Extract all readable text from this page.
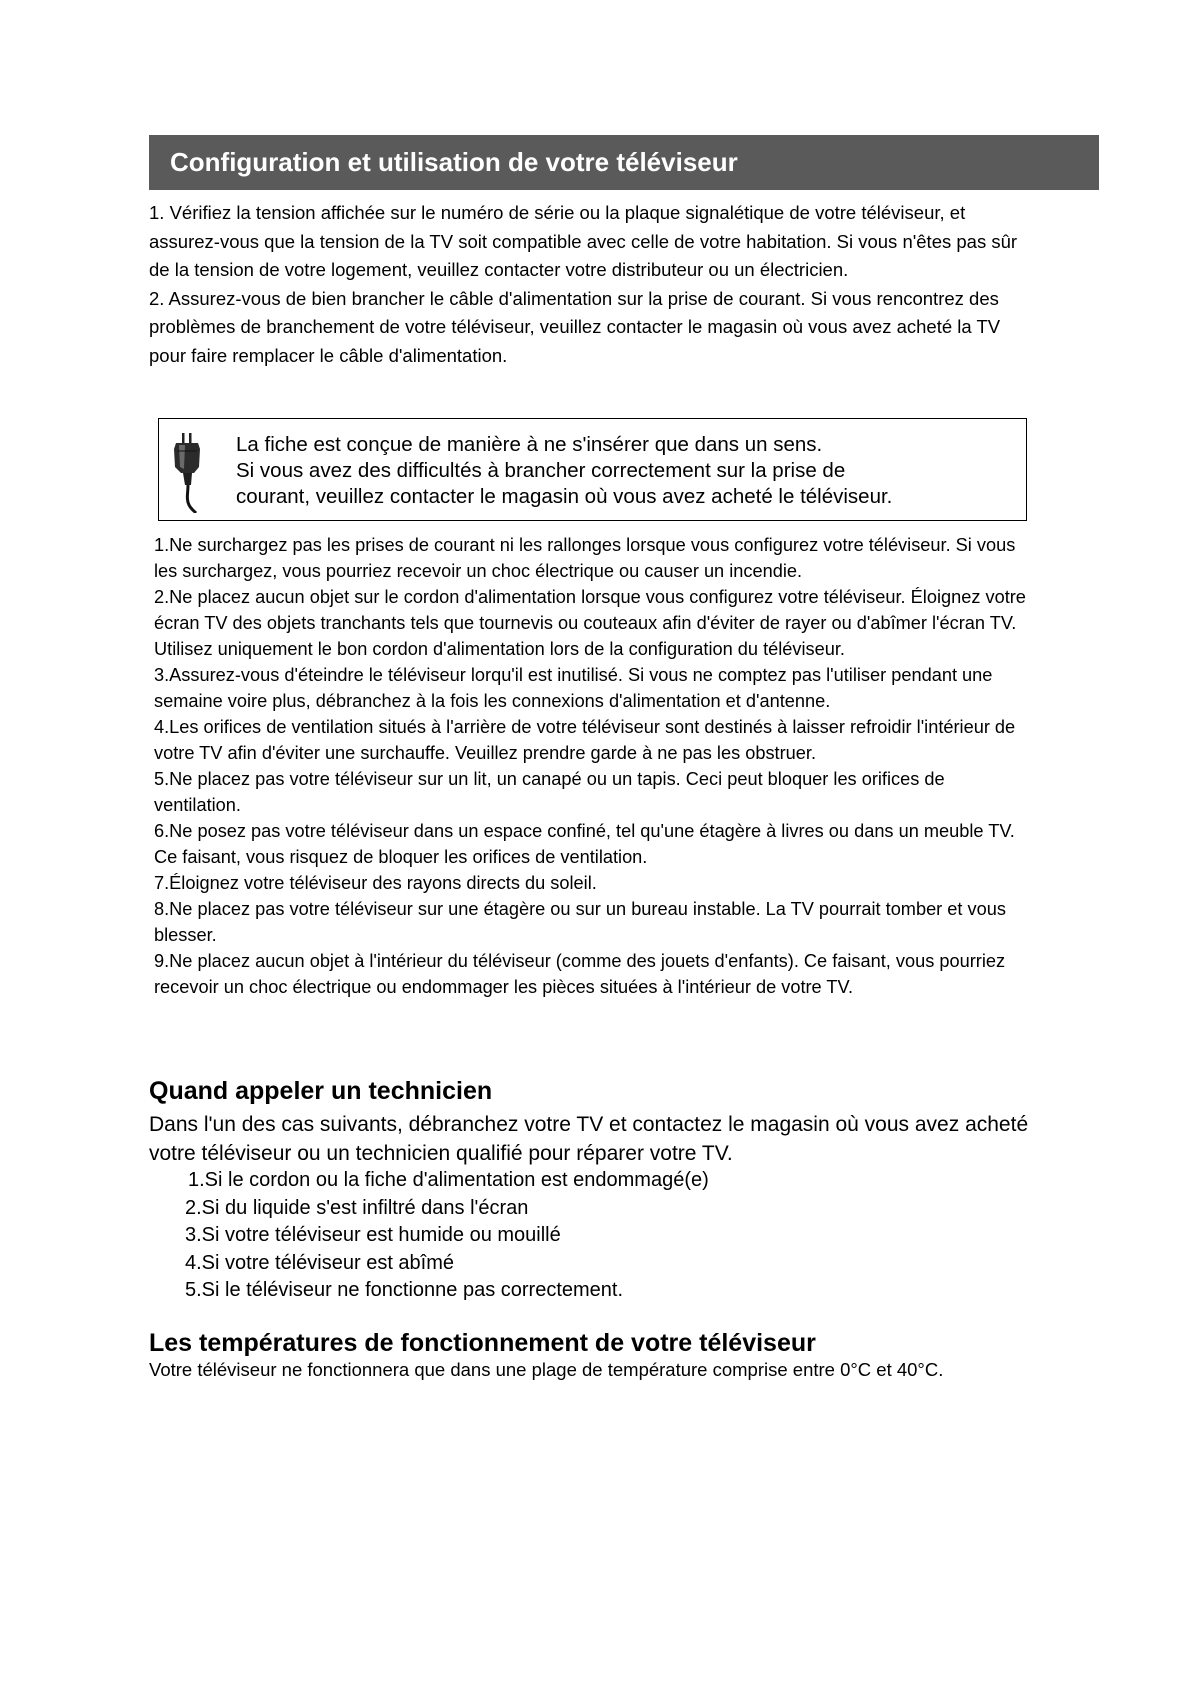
Configuration et utilisation de votre téléviseur

1. Vérifiez la tension affichée sur le numéro de série ou la plaque signalétique de votre téléviseur, et assurez-vous que la tension de la TV soit compatible avec celle de votre habitation. Si vous n'êtes pas sûr de la tension de votre logement, veuillez contacter votre distributeur ou un électricien.

2. Assurez-vous de bien brancher le câble d'alimentation sur la prise de courant. Si vous rencontrez des problèmes de branchement de votre téléviseur, veuillez contacter le magasin où vous avez acheté la TV pour faire remplacer le câble d'alimentation.

La fiche est conçue de manière à ne s'insérer que dans un sens.
Si vous avez des difficultés à brancher correctement sur la prise de
courant, veuillez contacter le magasin où vous avez acheté le téléviseur.

1.Ne surchargez pas les prises de courant ni les rallonges lorsque vous configurez votre téléviseur. Si vous les surchargez, vous pourriez recevoir un choc électrique ou causer un incendie.

2.Ne placez aucun objet sur le cordon d'alimentation lorsque vous configurez votre téléviseur. Éloignez votre écran TV des objets tranchants tels que tournevis ou couteaux afin d'éviter de rayer ou d'abîmer l'écran TV. Utilisez uniquement le bon cordon d'alimentation lors de la configuration du téléviseur.

3.Assurez-vous d'éteindre le téléviseur lorqu'il est inutilisé. Si vous ne comptez pas l'utiliser pendant une semaine voire plus, débranchez à la fois les connexions d'alimentation et d'antenne.

4.Les orifices de ventilation situés à l'arrière de votre téléviseur sont destinés à laisser refroidir l'intérieur de votre TV afin d'éviter une surchauffe. Veuillez prendre garde à ne pas les obstruer.

5.Ne placez pas votre téléviseur sur un lit, un canapé ou un tapis. Ceci peut bloquer les orifices de ventilation.

6.Ne posez pas votre téléviseur dans un espace confiné, tel qu'une étagère à livres ou dans un meuble TV. Ce faisant, vous risquez de bloquer les orifices de ventilation.

7.Éloignez votre téléviseur des rayons directs du soleil.

8.Ne placez pas votre téléviseur sur une étagère ou sur un bureau instable. La TV pourrait tomber et vous blesser.

9.Ne placez aucun objet à l'intérieur du téléviseur (comme des jouets d'enfants). Ce faisant, vous pourriez recevoir un choc électrique ou endommager les pièces situées à l'intérieur de votre TV.

Quand appeler un technicien

Dans l'un des cas suivants, débranchez votre TV et contactez le magasin où vous avez acheté votre téléviseur ou un technicien qualifié pour réparer votre TV.

1.Si le cordon ou la fiche d'alimentation est endommagé(e)
2.Si du liquide s'est infiltré dans l'écran
3.Si votre téléviseur est humide ou mouillé
4.Si votre téléviseur est abîmé
5.Si le téléviseur ne fonctionne pas correctement.
Les températures de fonctionnement de votre téléviseur
Votre téléviseur ne fonctionnera que dans une plage de température comprise entre 0°C et 40°C.
